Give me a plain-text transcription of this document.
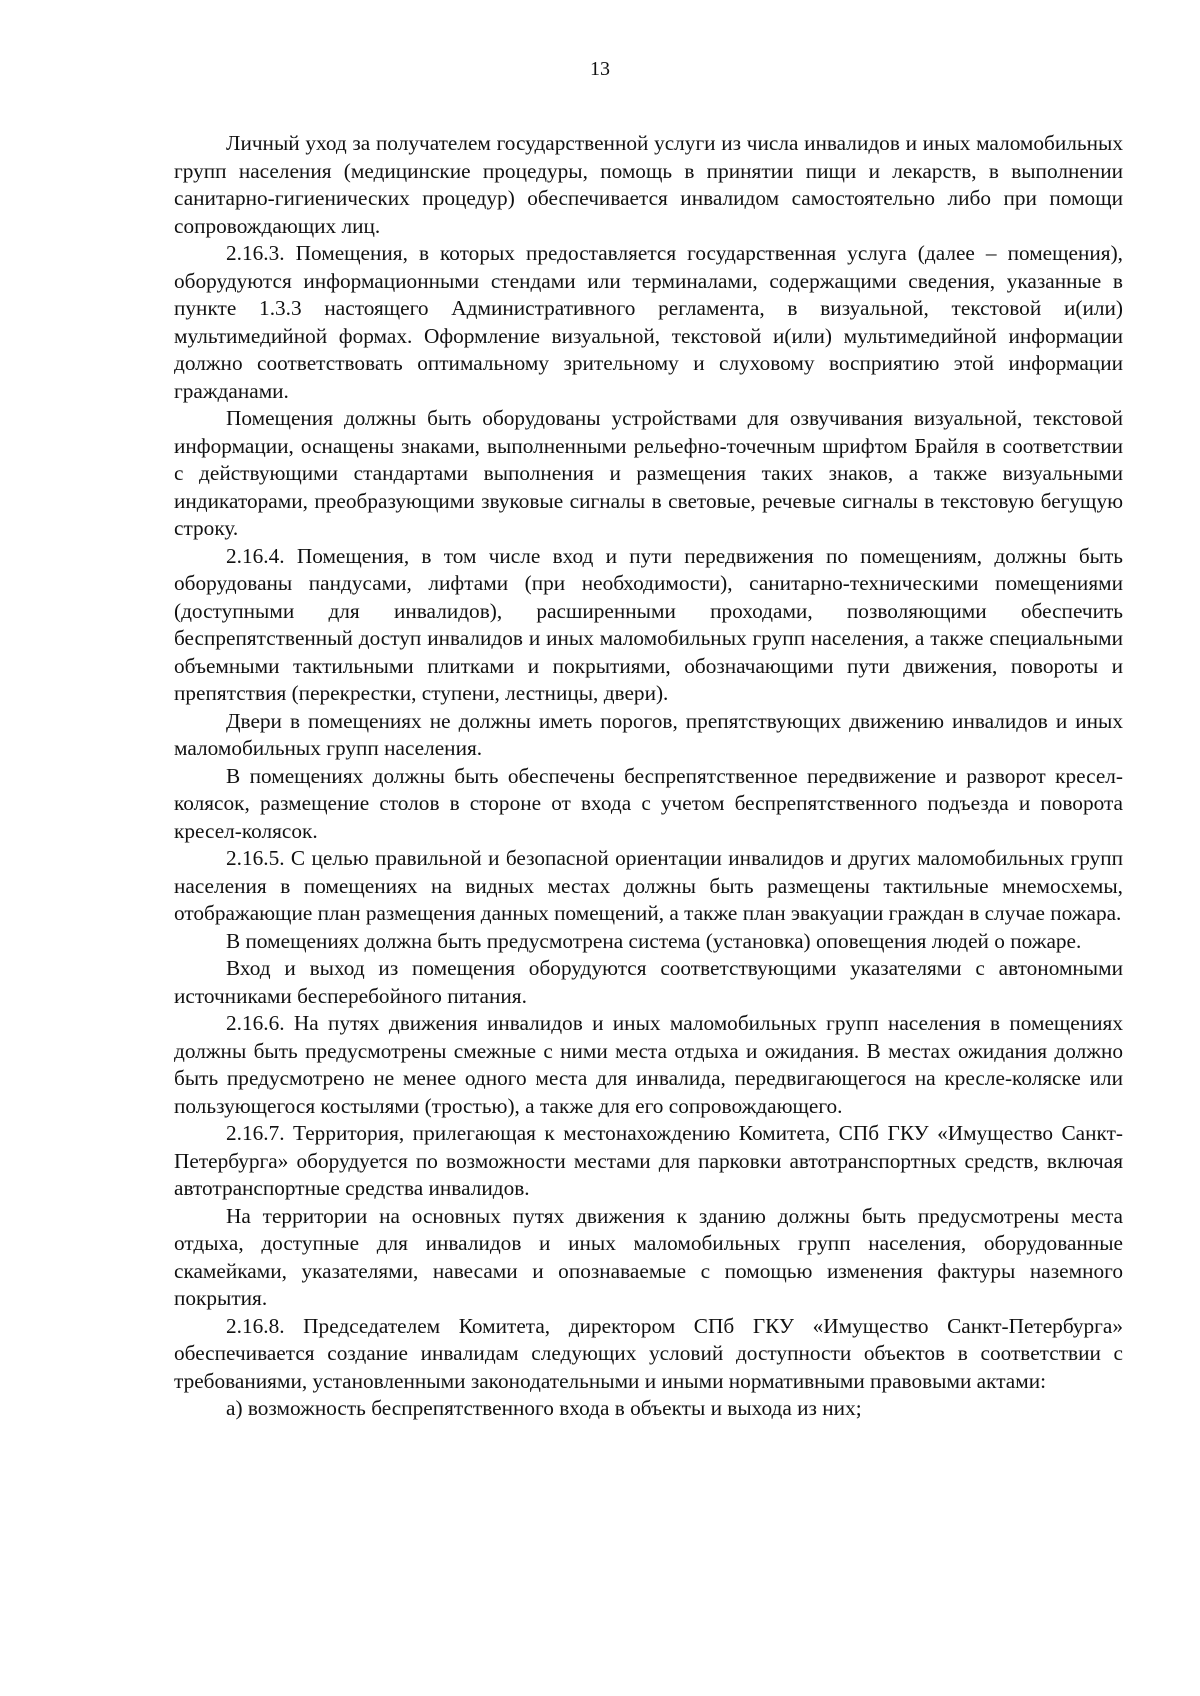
13

Личный уход за получателем государственной услуги из числа инвалидов и иных маломобильных групп населения (медицинские процедуры, помощь в принятии пищи и лекарств, в выполнении санитарно-гигиенических процедур) обеспечивается инвалидом самостоятельно либо при помощи сопровождающих лиц.

2.16.3. Помещения, в которых предоставляется государственная услуга (далее – помещения), оборудуются информационными стендами или терминалами, содержащими сведения, указанные в пункте 1.3.3 настоящего Административного регламента, в визуальной, текстовой и(или) мультимедийной формах. Оформление визуальной, текстовой и(или) мультимедийной информации должно соответствовать оптимальному зрительному и слуховому восприятию этой информации гражданами.

Помещения должны быть оборудованы устройствами для озвучивания визуальной, текстовой информации, оснащены знаками, выполненными рельефно-точечным шрифтом Брайля в соответствии с действующими стандартами выполнения и размещения таких знаков, а также визуальными индикаторами, преобразующими звуковые сигналы в световые, речевые сигналы в текстовую бегущую строку.

2.16.4. Помещения, в том числе вход и пути передвижения по помещениям, должны быть оборудованы пандусами, лифтами (при необходимости), санитарно-техническими помещениями (доступными для инвалидов), расширенными проходами, позволяющими обеспечить беспрепятственный доступ инвалидов и иных маломобильных групп населения, а также специальными объемными тактильными плитками и покрытиями, обозначающими пути движения, повороты и препятствия (перекрестки, ступени, лестницы, двери).

Двери в помещениях не должны иметь порогов, препятствующих движению инвалидов и иных маломобильных групп населения.

В помещениях должны быть обеспечены беспрепятственное передвижение и разворот кресел-колясок, размещение столов в стороне от входа с учетом беспрепятственного подъезда и поворота кресел-колясок.

2.16.5. С целью правильной и безопасной ориентации инвалидов и других маломобильных групп населения в помещениях на видных местах должны быть размещены тактильные мнемосхемы, отображающие план размещения данных помещений, а также план эвакуации граждан в случае пожара.

В помещениях должна быть предусмотрена система (установка) оповещения людей о пожаре.

Вход и выход из помещения оборудуются соответствующими указателями с автономными источниками бесперебойного питания.

2.16.6. На путях движения инвалидов и иных маломобильных групп населения в помещениях должны быть предусмотрены смежные с ними места отдыха и ожидания. В местах ожидания должно быть предусмотрено не менее одного места для инвалида, передвигающегося на кресле-коляске или пользующегося костылями (тростью), а также для его сопровождающего.

2.16.7. Территория, прилегающая к местонахождению Комитета, СПб ГКУ «Имущество Санкт-Петербурга» оборудуется по возможности местами для парковки автотранспортных средств, включая автотранспортные средства инвалидов.

На территории на основных путях движения к зданию должны быть предусмотрены места отдыха, доступные для инвалидов и иных маломобильных групп населения, оборудованные скамейками, указателями, навесами и опознаваемые с помощью изменения фактуры наземного покрытия.

2.16.8. Председателем Комитета, директором СПб ГКУ «Имущество Санкт-Петербурга» обеспечивается создание инвалидам следующих условий доступности объектов в соответствии с требованиями, установленными законодательными и иными нормативными правовыми актами:

а) возможность беспрепятственного входа в объекты и выхода из них;
